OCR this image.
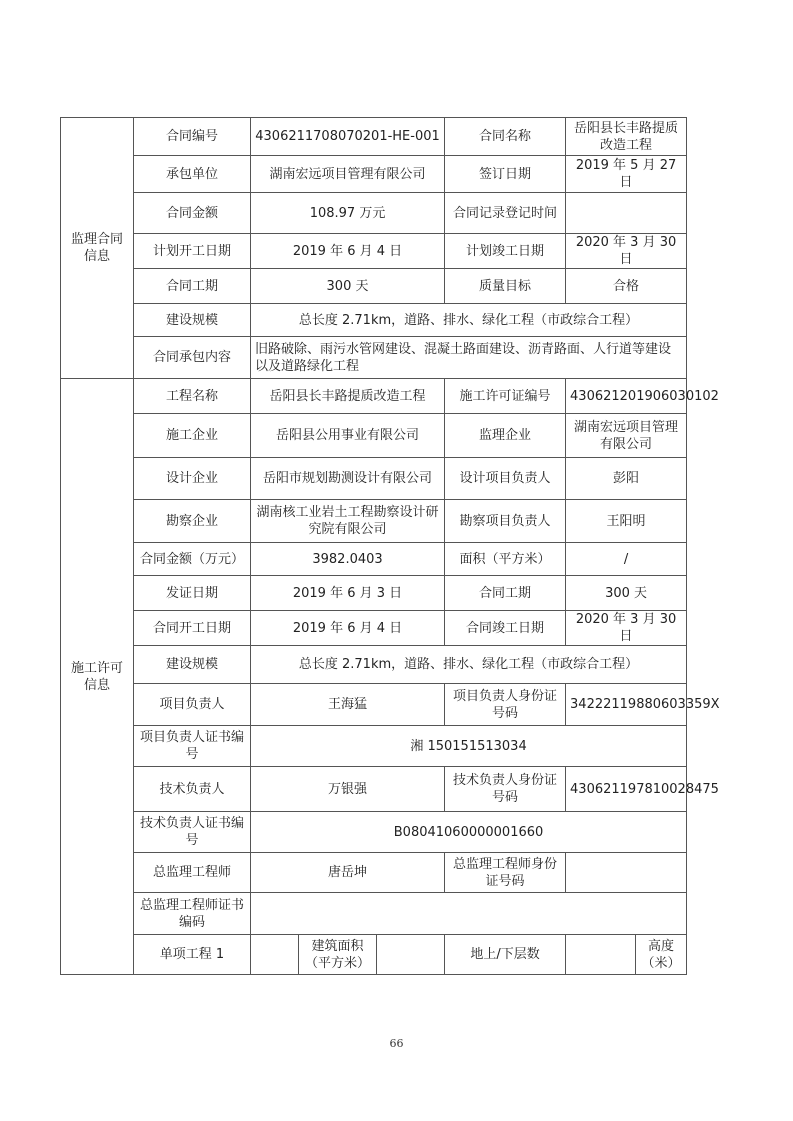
监理合同信息	合同编号	4306211708070201-HE-001			合同名称	岳阳县长丰路提质改造工程	
	承包单位	湖南宏远项目管理有限公司			签订日期	2019 年 5 月 27 日	
	合同金额	108.97 万元			合同记录登记时间		
	计划开工日期	2019 年 6 月 4 日			计划竣工日期	2020 年 3 月 30 日	
	合同工期	300 天			质量目标	合格	
	建设规模	总长度 2.71km，道路、排水、绿化工程（市政综合工程）					
	合同承包内容	旧路破除、雨污水管网建设、混凝土路面建设、沥青路面、人行道等建设以及道路绿化工程					
施工许可信息	工程名称	岳阳县长丰路提质改造工程			施工许可证编号	430621201906030102	
	施工企业	岳阳县公用事业有限公司			监理企业	湖南宏远项目管理有限公司	
	设计企业	岳阳市规划勘测设计有限公司			设计项目负责人	彭阳	
	勘察企业	湖南核工业岩土工程勘察设计研究院有限公司			勘察项目负责人	王阳明	
	合同金额（万元）	3982.0403			面积（平方米）	/	
	发证日期	2019 年 6 月 3 日			合同工期	300 天	
	合同开工日期	2019 年 6 月 4 日			合同竣工日期	2020 年 3 月 30 日	
	建设规模	总长度 2.71km，道路、排水、绿化工程（市政综合工程）					
	项目负责人	王海猛			项目负责人身份证号码	34222119880603359X	
	项目负责人证书编号	湘 150151513034					
	技术负责人	万银强			技术负责人身份证号码	430621197810028475	
	技术负责人证书编号	B08041060000001660					
	总监理工程师	唐岳坤			总监理工程师身份证号码		
	总监理工程师证书编码						
	单项工程 1		建筑面积（平方米）		地上/下层数		高度（米）
66
